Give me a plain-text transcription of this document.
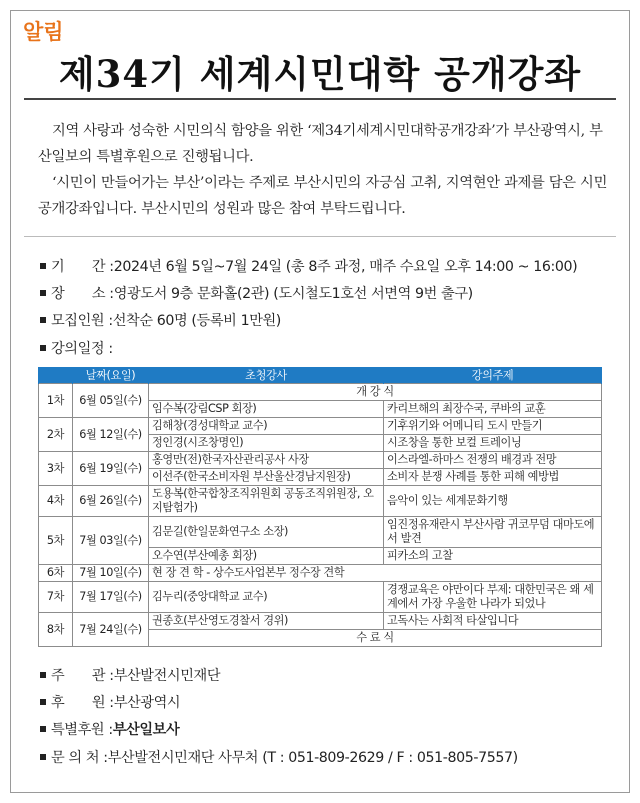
알림
제34기 세계시민대학 공개강좌

지역 사랑과 성숙한 시민의식 함양을 위한 ‘제34기세계시민대학공개강좌’가 부산광역시, 부산일보의 특별후원으로 진행됩니다.

‘시민이 만들어가는 부산’이라는 주제로 부산시민의 자긍심 고취, 지역현안 과제를 담은 시민공개강좌입니다. 부산시민의 성원과 많은 참여 부탁드립니다.

기　　간 :2024년 6월 5일~7월 24일 (총 8주 과정, 매주 수요일 오후 14:00 ~ 16:00)
장　　소 :영광도서 9층 문화홀(2관) (도시철도1호선 서면역 9번 출구)
모집인원 :선착순 60명 (등록비 1만원)
강의일정 :
	날짜(요일)	초청강사	강의주제
1차	6월 05일(수)	개 강 식	
		임수복(강림CSP 회장)	카리브해의 최장수국, 쿠바의 교훈
2차	6월 12일(수)	김해창(경성대학교 교수)	기후위기와 어메니티 도시 만들기
		정인경(시조창명인)	시조창을 통한 보컬 트레이닝
3차	6월 19일(수)	홍영만(전)한국자산관리공사 사장	이스라엘-하마스 전쟁의 배경과 전망
		이선주(한국소비자원 부산울산경남지원장)	소비자 분쟁 사례를 통한 피해 예방법
4차	6월 26일(수)	도용복(한국합창조직위원회 공동조직위원장, 오지탐험가)	음악이 있는 세계문화기행
5차	7월 03일(수)	김문길(한일문화연구소 소장)	임진정유재란시 부산사람 귀코무덤 대마도에서 발견
		오수연(부산예총 회장)	피카소의 고찰
6차	7월 10일(수)	현 장 견 학 - 상수도사업본부 정수장 견학	
7차	7월 17일(수)	김누리(중앙대학교 교수)	경쟁교육은 야만이다 부제: 대한민국은 왜 세계에서 가장 우울한 나라가 되었나
8차	7월 24일(수)	권종호(부산영도경찰서 경위)	고독사는 사회적 타살입니다
		수 료 식	
주　　관 :부산발전시민재단
후　　원 :부산광역시
특별후원 :부산일보사
문 의 처 :부산발전시민재단 사무처 (T : 051-809-2629 / F : 051-805-7557)
